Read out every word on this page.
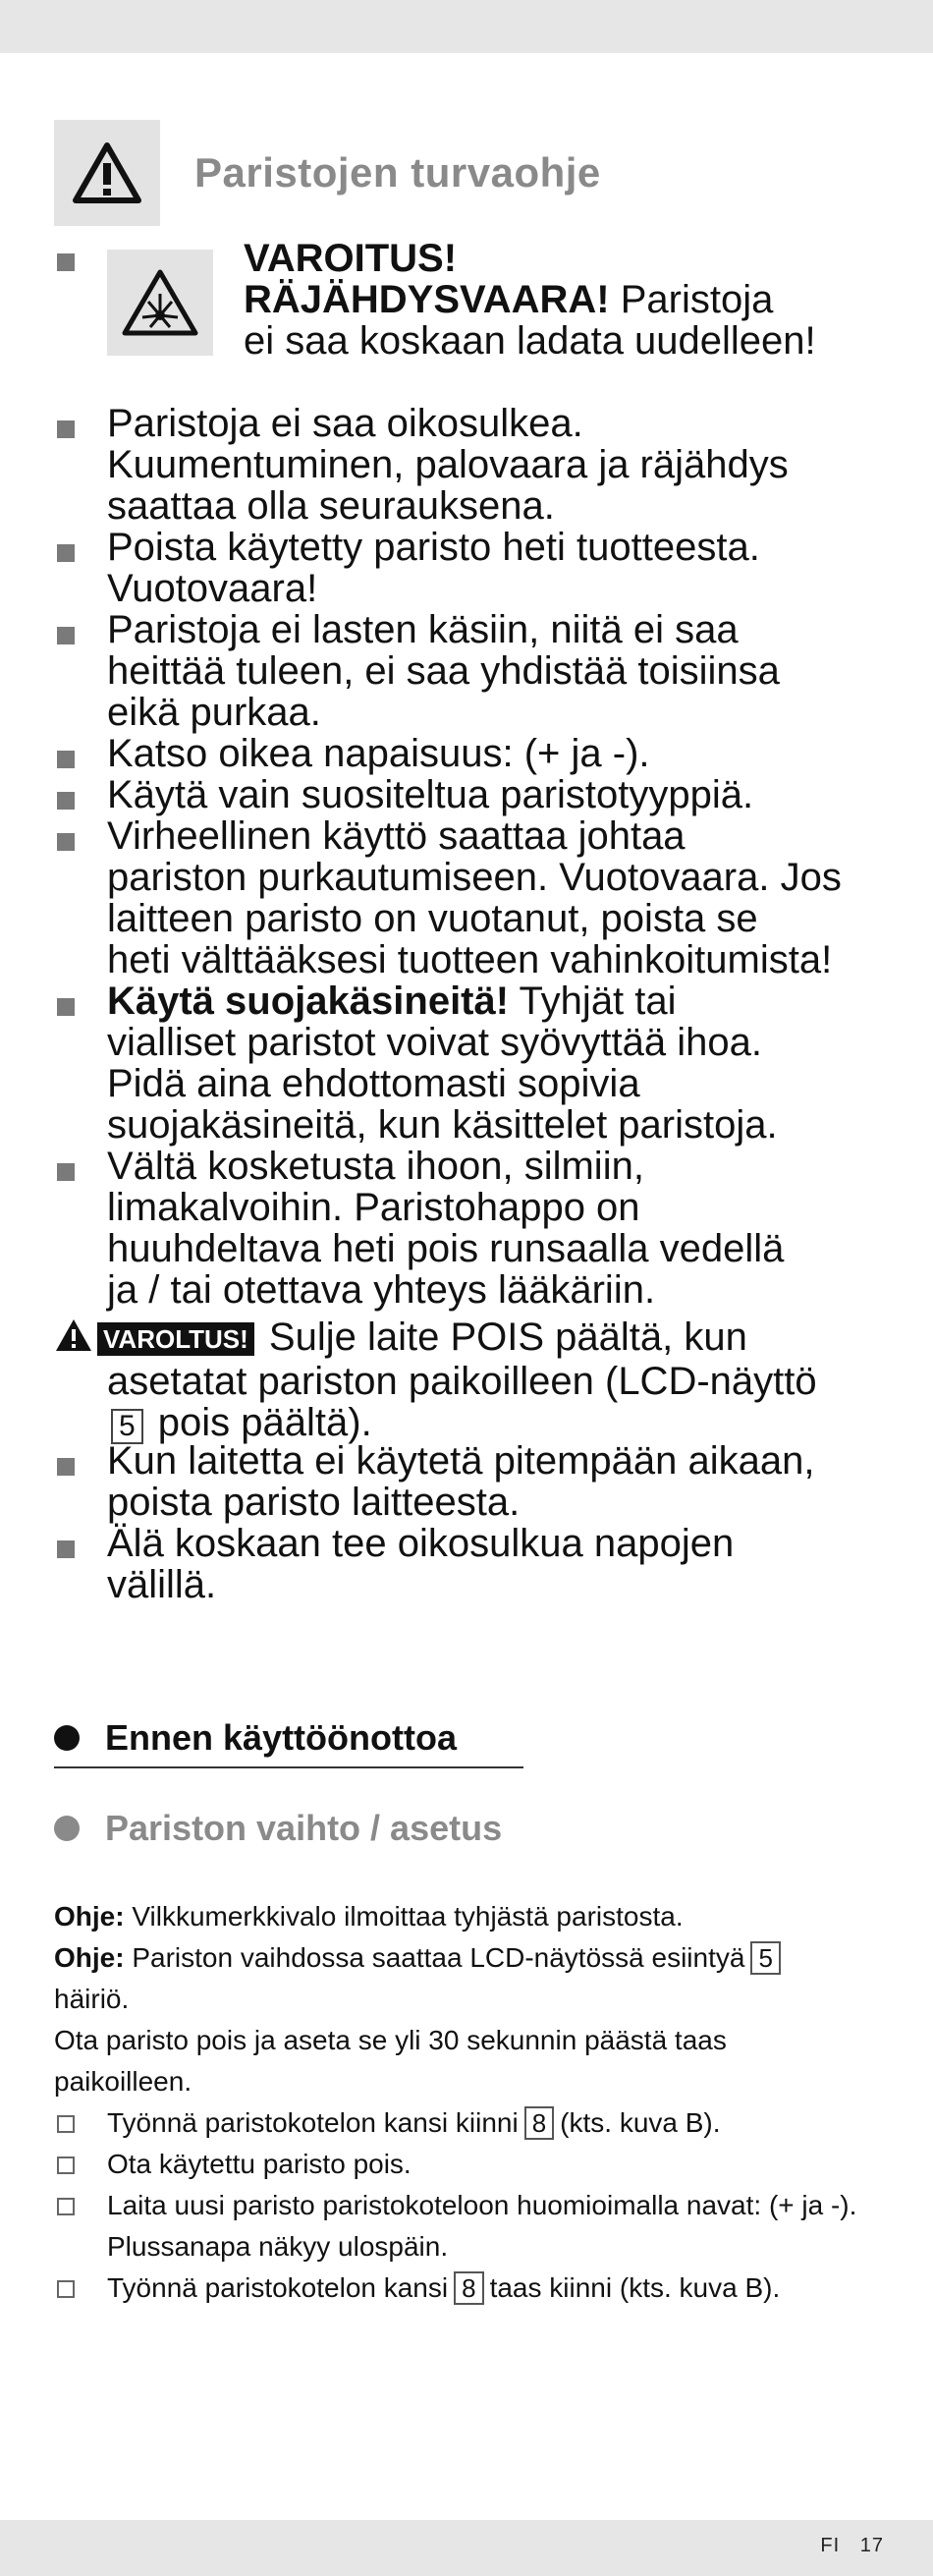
Paristojen turvaohje
VAROITUS!
RÄJÄHDYSVAARA! Paristoja
ei saa koskaan ladata uudelleen!
Paristoja ei saa oikosulkea.
Kuumentuminen, palovaara ja räjähdys
saattaa olla seurauksena.
Poista käytetty paristo heti tuotteesta.
Vuotovaara!
Paristoja ei lasten käsiin, niitä ei saa
heittää tuleen, ei saa yhdistää toisiinsa
eikä purkaa.
Katso oikea napaisuus: (+ ja -).
Käytä vain suositeltua paristotyyppiä.
Virheellinen käyttö saattaa johtaa
pariston purkautumiseen. Vuotovaara. Jos
laitteen paristo on vuotanut, poista se
heti välttääksesi tuotteen vahinkoitumista!
Käytä suojakäsineitä! Tyhjät tai
vialliset paristot voivat syövyttää ihoa.
Pidä aina ehdottomasti sopivia
suojakäsineitä, kun käsittelet paristoja.
Vältä kosketusta ihoon, silmiin,
limakalvoihin. Paristohappo on
huuhdeltava heti pois runsaalla vedellä
ja / tai otettava yhteys lääkäriin.
VAROLTUS! Sulje laite POIS päältä, kun
asetatat pariston paikoilleen (LCD-näyttö
5 pois päältä).
Kun laitetta ei käytetä pitempään aikaan,
poista paristo laitteesta.
Älä koskaan tee oikosulkua napojen
välillä.
Ennen käyttöönottoa
Pariston vaihto / asetus
Ohje: Vilkkumerkkivalo ilmoittaa tyhjästä paristosta.
Ohje: Pariston vaihdossa saattaa LCD-näytössä esiintyä 5
häiriö.
Ota paristo pois ja aseta se yli 30 sekunnin päästä taas
paikoilleen.
Työnnä paristokotelon kansi kiinni 8 (kts. kuva B).
Ota käytettu paristo pois.
Laita uusi paristo paristokoteloon huomioimalla navat: (+ ja -).
Plussanapa näkyy ulospäin.
Työnnä paristokotelon kansi 8 taas kiinni (kts. kuva B).
FI 17
